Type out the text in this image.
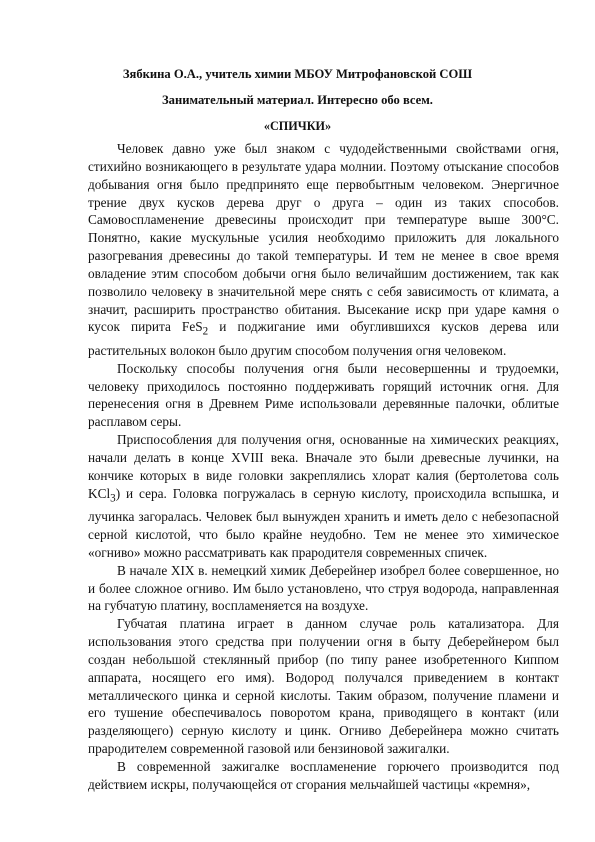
Зябкина О.А., учитель химии МБОУ Митрофановской СОШ
Занимательный материал. Интересно обо всем.
«СПИЧКИ»

Человек давно уже был знаком с чудодейственными свойствами огня, стихийно возникающего в результате удара молнии. Поэтому отыскание способов добывания огня было предпринято еще первобытным человеком. Энергичное трение двух кусков дерева друг о друга – один из таких способов. Самовоспламенение древесины происходит при температуре выше 300°С. Понятно, какие мускульные усилия необходимо приложить для локального разогревания древесины до такой температуры. И тем не менее в свое время овладение этим способом добычи огня было величайшим достижением, так как позволило человеку в значительной мере снять с себя зависимость от климата, а значит, расширить пространство обитания. Высекание искр при ударе камня о кусок пирита FeS$_2$ и поджигание ими обуглившихся кусков дерева или растительных волокон было другим способом получения огня человеком.

Поскольку способы получения огня были несовершенны и трудоемки, человеку приходилось постоянно поддерживать горящий источник огня. Для перенесения огня в Древнем Риме использовали деревянные палочки, облитые расплавом серы.

Приспособления для получения огня, основанные на химических реакциях, начали делать в конце XVIII века. Вначале это были древесные лучинки, на кончике которых в виде головки закреплялись хлорат калия (бертолетова соль KCl$_3$) и сера. Головка погружалась в серную кислоту, происходила вспышка, и лучинка загоралась. Человек был вынужден хранить и иметь дело с небезопасной серной кислотой, что было крайне неудобно. Тем не менее это химическое «огниво» можно рассматривать как прародителя современных спичек.

В начале XIX в. немецкий химик Деберейнер изобрел более совершенное, но и более сложное огниво. Им было установлено, что струя водорода, направленная на губчатую платину, воспламеняется на воздухе.

Губчатая платина играет в данном случае роль катализатора. Для использования этого средства при получении огня в быту Деберейнером был создан небольшой стеклянный прибор (по типу ранее изобретенного Киппом аппарата, носящего его имя). Водород получался приведением в контакт металлического цинка и серной кислоты. Таким образом, получение пламени и его тушение обеспечивалось поворотом крана, приводящего в контакт (или разделяющего) серную кислоту и цинк. Огниво Деберейнера можно считать прародителем современной газовой или бензиновой зажигалки.

В современной зажигалке воспламенение горючего производится под действием искры, получающейся от сгорания мельчайшей частицы «кремня»,
